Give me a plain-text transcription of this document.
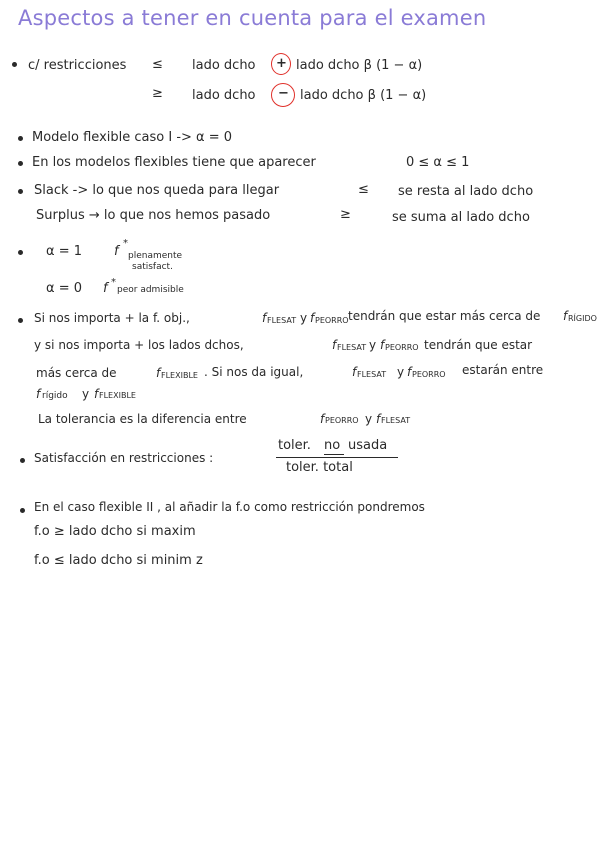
Aspectos a tener en cuenta para el examen
c/ restricciones ≤ lado dcho + lado dcho β (1 − α)
≥ lado dcho − lado dcho β (1 − α)
Modelo flexible caso I -> α = 0
En los modelos flexibles tiene que aparecer	0 ≤ α ≤ 1
Slack -> lo que nos queda para llegar	≤ se resta al lado dcho
Surplus → lo que nos hemos pasado	≥	se suma al lado dcho
α = 1 f
*
plenamente
satisfact.
α = 0 f *
peor admisible
Si nos importa + la f. obj.,	f FLESAT y f PEORRO tendrán que estar más cerca de f RÍGIDO
y si nos importa + los lados dchos,	f FLESAT y f PEORRO tendrán que estar
más cerca de	f FLEXIBLE . Si nos da igual,	f FLESAT y f PEORRO estarán entre
f rígido y f FLEXIBLE
La tolerancia es la diferencia entre	f PEORRO y f FLESAT
Satisfacción en restricciones :
toler. no usada
toler. total
En el caso flexible II , al añadir la f.o como restricción pondremos
f.o ≥ lado dcho si maxim
f.o ≤ lado dcho si minim z
